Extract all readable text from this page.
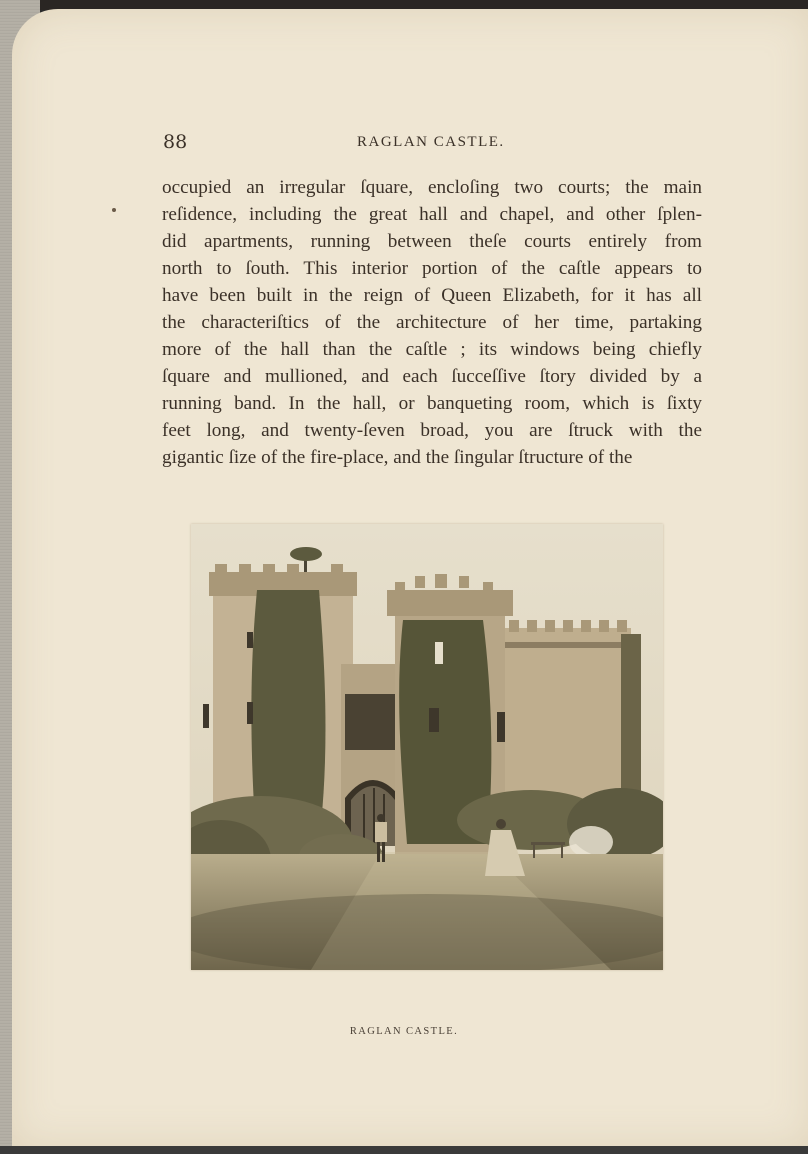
88	RAGLAN CASTLE.
occupied an irregular ſquare, encloſing two courts; the main
reſidence, including the great hall and chapel, and other ſplen-
did apartments, running between theſe courts entirely from
north to ſouth. This interior portion of the caſtle appears to
have been built in the reign of Queen Elizabeth, for it has all
the characteriſtics of the architecture of her time, partaking
more of the hall than the caſtle ; its windows being chiefly
ſquare and mullioned, and each ſucceſſive ſtory divided by a
running band. In the hall, or banqueting room, which is ſixty
feet long, and twenty-ſeven broad, you are ſtruck with the
gigantic ſize of the fire-place, and the ſingular ſtructure of the
RAGLAN CASTLE.
